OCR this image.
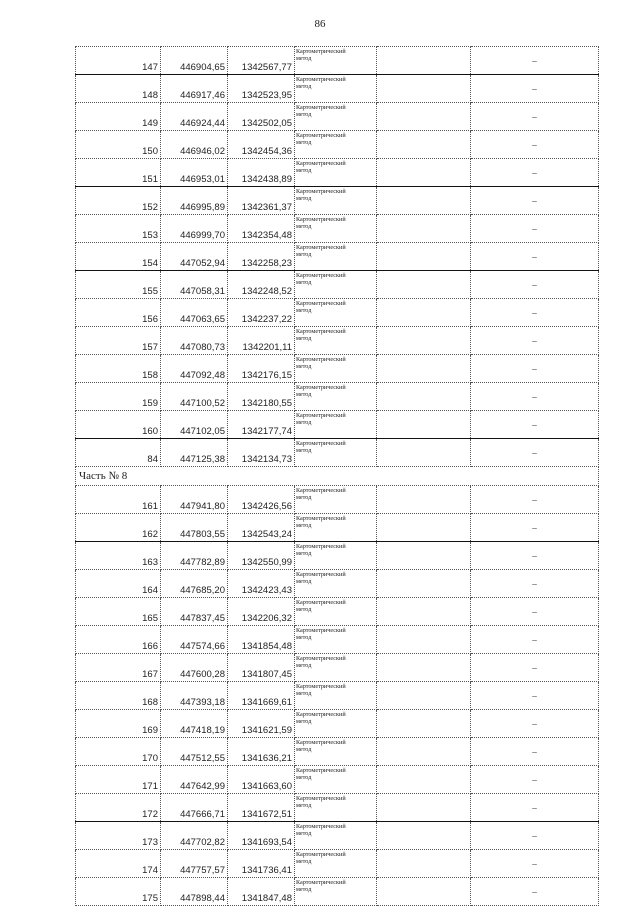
86
147	446904,65	1342567,77	Картометрический
метод		–
148	446917,46	1342523,95	Картометрический
метод		–
149	446924,44	1342502,05	Картометрический
метод		–
150	446946,02	1342454,36	Картометрический
метод		–
151	446953,01	1342438,89	Картометрический
метод		–
152	446995,89	1342361,37	Картометрический
метод		–
153	446999,70	1342354,48	Картометрический
метод		–
154	447052,94	1342258,23	Картометрический
метод		–
155	447058,31	1342248,52	Картометрический
метод		–
156	447063,65	1342237,22	Картометрический
метод		–
157	447080,73	1342201,11	Картометрический
метод		–
158	447092,48	1342176,15	Картометрический
метод		–
159	447100,52	1342180,55	Картометрический
метод		–
160	447102,05	1342177,74	Картометрический
метод		–
84	447125,38	1342134,73	Картометрический
метод		–
Часть № 8					
161	447941,80	1342426,56	Картометрический
метод		–
162	447803,55	1342543,24	Картометрический
метод		–
163	447782,89	1342550,99	Картометрический
метод		–
164	447685,20	1342423,43	Картометрический
метод		–
165	447837,45	1342206,32	Картометрический
метод		–
166	447574,66	1341854,48	Картометрический
метод		–
167	447600,28	1341807,45	Картометрический
метод		–
168	447393,18	1341669,61	Картометрический
метод		–
169	447418,19	1341621,59	Картометрический
метод		–
170	447512,55	1341636,21	Картометрический
метод		–
171	447642,99	1341663,60	Картометрический
метод		–
172	447666,71	1341672,51	Картометрический
метод		–
173	447702,82	1341693,54	Картометрический
метод		–
174	447757,57	1341736,41	Картометрический
метод		–
175	447898,44	1341847,48	Картометрический
метод		–
